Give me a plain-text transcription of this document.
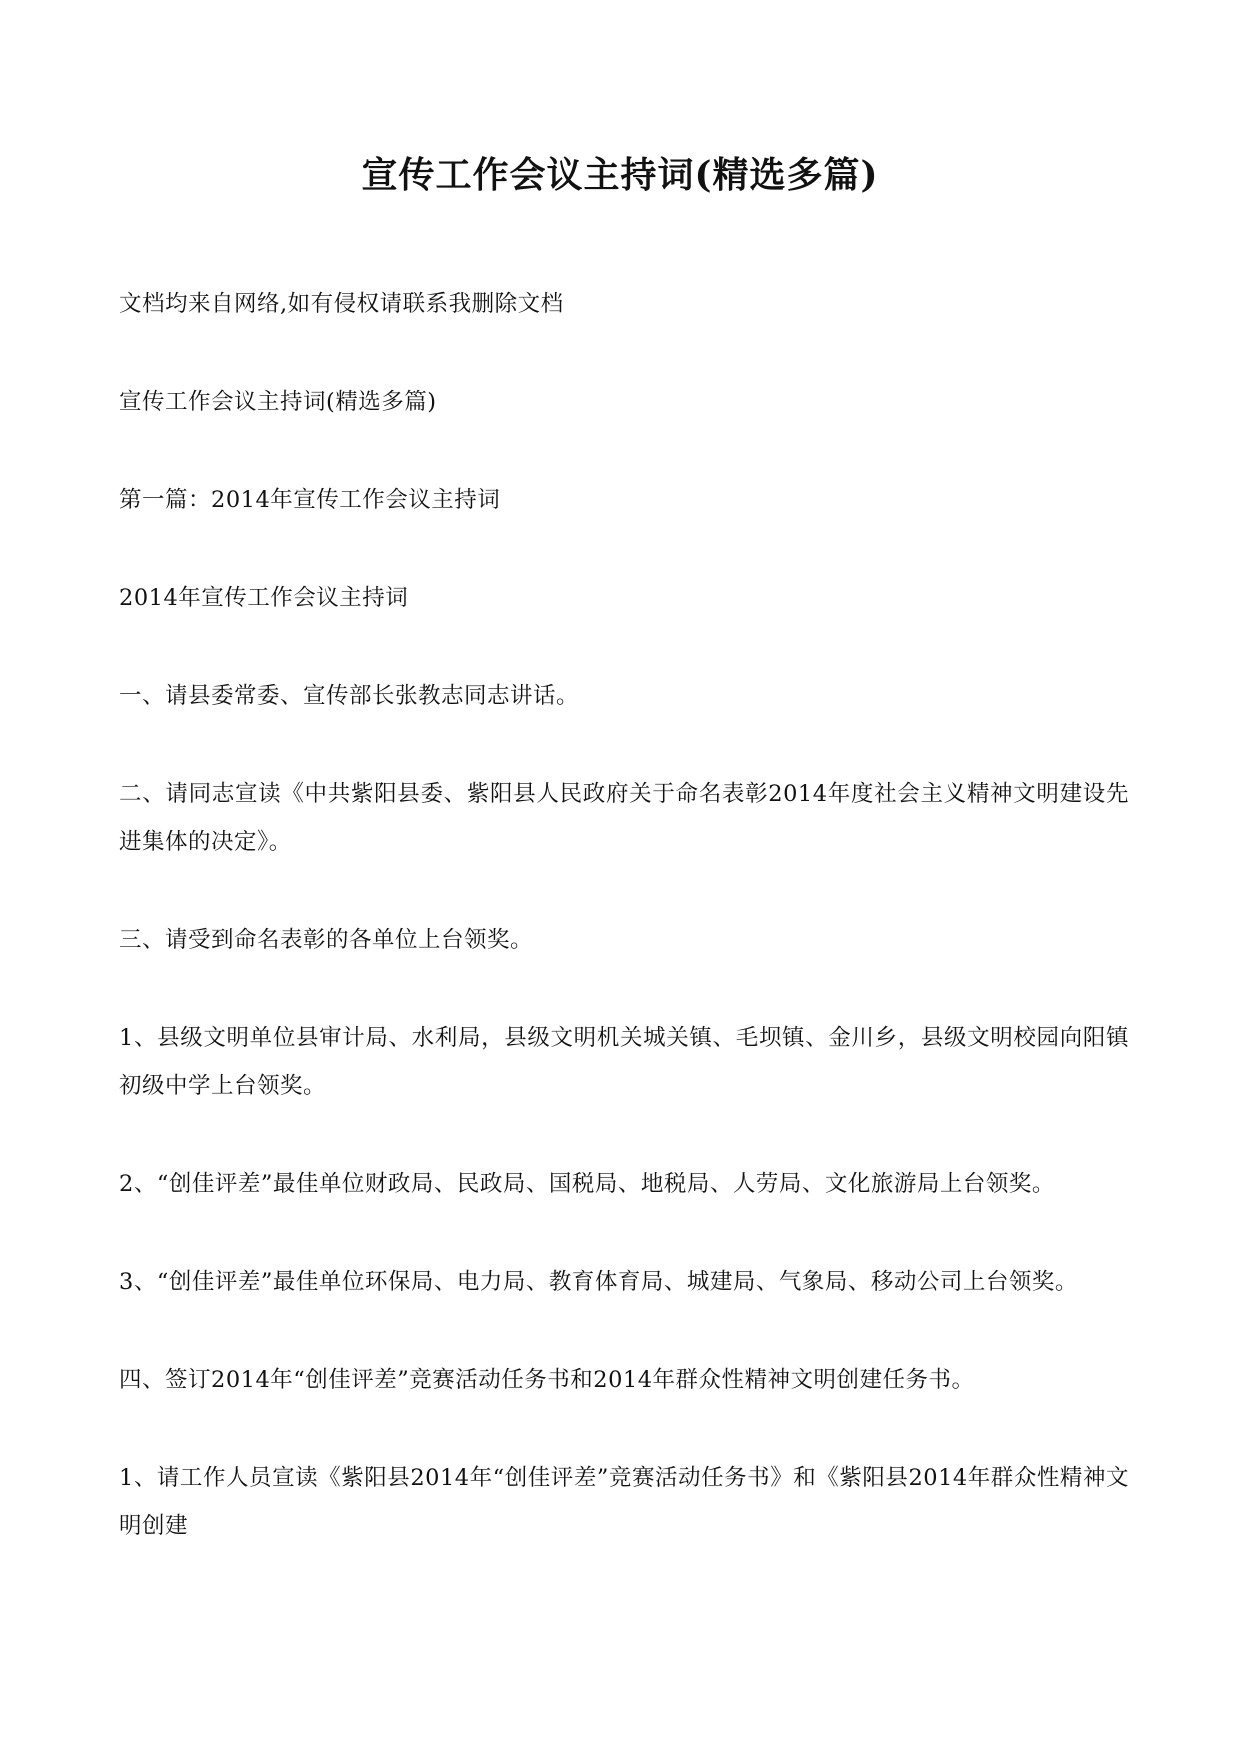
宣传工作会议主持词(精选多篇)

文档均来自网络,如有侵权请联系我删除文档

宣传工作会议主持词(精选多篇)

第一篇：2014年宣传工作会议主持词

2014年宣传工作会议主持词

一、请县委常委、宣传部长张教志同志讲话。

二、请同志宣读《中共紫阳县委、紫阳县人民政府关于命名表彰2014年度社会主义精神文明建设先进集体的决定》。

三、请受到命名表彰的各单位上台领奖。

1、县级文明单位县审计局、水利局，县级文明机关城关镇、毛坝镇、金川乡，县级文明校园向阳镇初级中学上台领奖。

2、“创佳评差”最佳单位财政局、民政局、国税局、地税局、人劳局、文化旅游局上台领奖。

3、“创佳评差”最佳单位环保局、电力局、教育体育局、城建局、气象局、移动公司上台领奖。

四、签订2014年“创佳评差”竞赛活动任务书和2014年群众性精神文明创建任务书。

1、请工作人员宣读《紫阳县2014年“创佳评差”竞赛活动任务书》和《紫阳县2014年群众性精神文明创建
